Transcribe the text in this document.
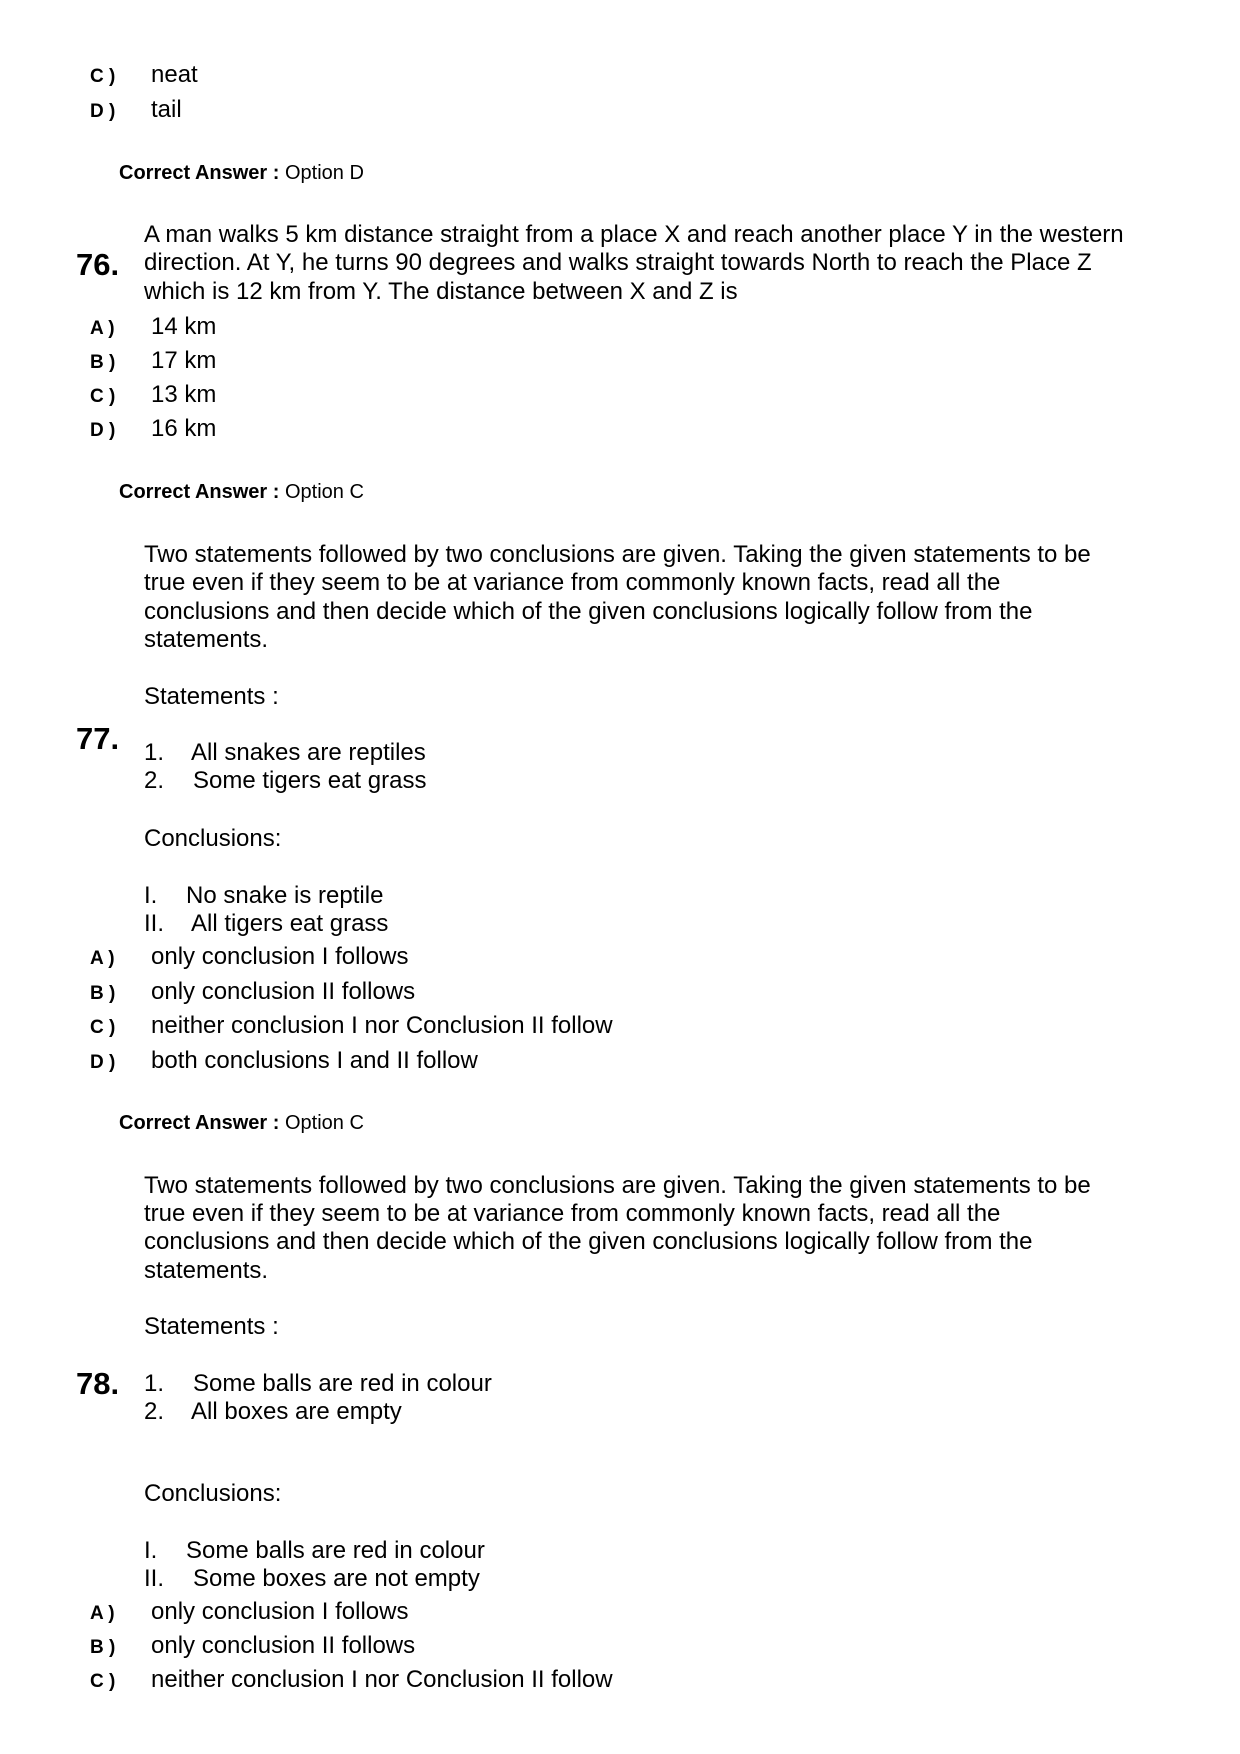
C ) neat
D ) tail
Correct Answer : Option D
76.
A man walks 5 km distance straight from a place X and reach another place Y in the western
direction. At Y, he turns 90 degrees and walks straight towards North to reach the Place Z
which is 12 km from Y. The distance between X and Z is
A ) 14 km
B ) 17 km
C ) 13 km
D ) 16 km
Correct Answer : Option C
Two statements followed by two conclusions are given. Taking the given statements to be
true even if they seem to be at variance from commonly known facts, read all the
conclusions and then decide which of the given conclusions logically follow from the
statements.
Statements :
77. 1. All snakes are reptiles
2. Some tigers eat grass
Conclusions:
I. No snake is reptile
II. All tigers eat grass
A ) only conclusion I follows
B ) only conclusion II follows
C ) neither conclusion I nor Conclusion II follow
D ) both conclusions I and II follow
Correct Answer : Option C
Two statements followed by two conclusions are given. Taking the given statements to be
true even if they seem to be at variance from commonly known facts, read all the
conclusions and then decide which of the given conclusions logically follow from the
statements.
Statements :
78. 1. Some balls are red in colour
2. All boxes are empty
Conclusions:
I. Some balls are red in colour
II. Some boxes are not empty
A ) only conclusion I follows
B ) only conclusion II follows
C ) neither conclusion I nor Conclusion II follow
